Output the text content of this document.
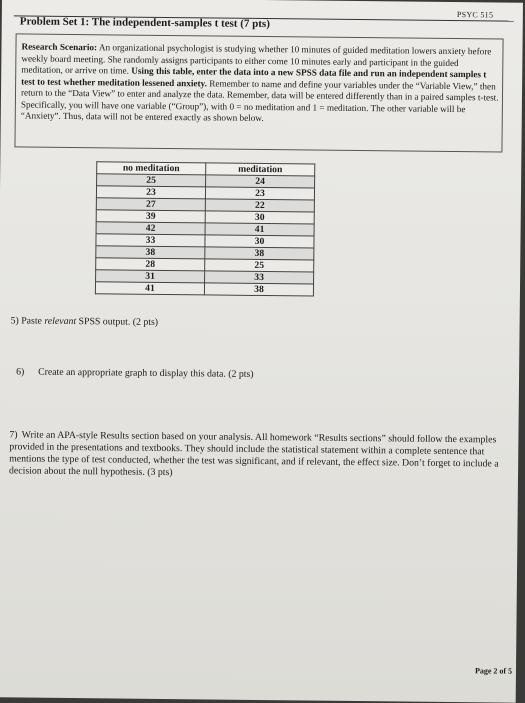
PSYC 515
Problem Set 1: The independent-samples t test (7 pts)
Research Scenario: An organizational psychologist is studying whether 10 minutes of guided meditation lowers anxiety before weekly board meeting. She randomly assigns participants to either come 10 minutes early and participant in the guided meditation, or arrive on time. Using this table, enter the data into a new SPSS data file and run an independent samples t test to test whether meditation lessened anxiety. Remember to name and define your variables under the “Variable View,” then return to the “Data View” to enter and analyze the data. Remember, data will be entered differently than in a paired samples t-test. Specifically, you will have one variable (“Group”), with 0 = no meditation and 1 = meditation. The other variable will be “Anxiety”. Thus, data will not be entered exactly as shown below.
no meditation	meditation
25	24
23	23
27	22
39	30
42	41
33	30
38	38
28	25
31	33
41	38
5) Paste relevant SPSS output. (2 pts)
6) Create an appropriate graph to display this data. (2 pts)
7) Write an APA-style Results section based on your analysis. All homework “Results sections” should follow the examples provided in the presentations and textbooks. They should include the statistical statement within a complete sentence that mentions the type of test conducted, whether the test was significant, and if relevant, the effect size. Don’t forget to include a decision about the null hypothesis. (3 pts)
Page 2 of 5
